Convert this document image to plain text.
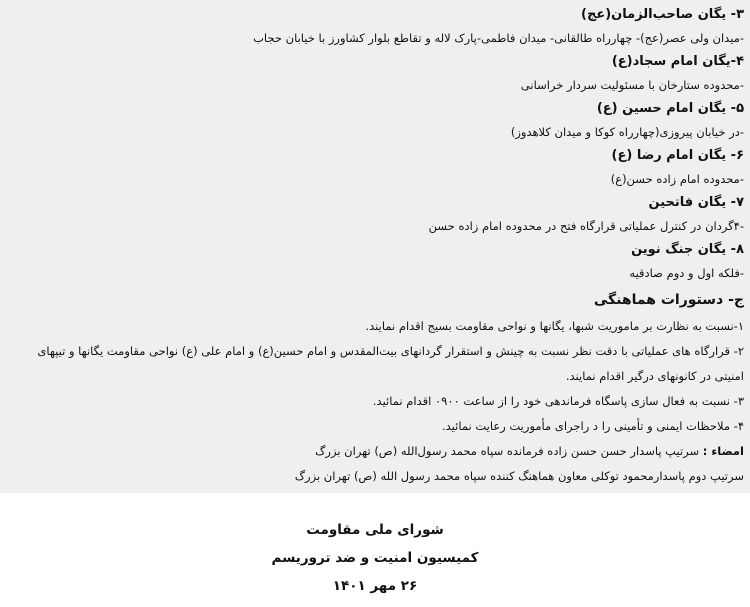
۳- یگان صاحب‌الزمان(عج)
-میدان ولی عصر(عج)- چهارراه طالقانی- میدان فاطمی-پارک لاله و تقاطع بلوار کشاورز با خیابان حجاب
۴-یگان امام سجاد(ع)
-محدوده ستارخان با مسئولیت سردار خراسانی
۵- یگان امام حسین (ع)
-در خیابان پیروزی(چهارراه کوکا و میدان کلاهدوز)
۶- یگان امام رضا (ع)
-محدوده امام زاده حسن(ع)
۷- یگان فاتحین
-۴گردان در کنترل عملیاتی قرارگاه فتح در محدوده امام زاده حسن
۸- یگان جنگ نوین
-فلکه اول و دوم صادقیه
ج- دستورات هماهنگی
۱-نسبت به نظارت بر ماموریت شبها، یگانها و نواحی مقاومت بسیج اقدام نمایند.
۲- قرارگاه های عملیاتی با دقت نظر نسبت به چینش و استقرار گردانهای بیت‌المقدس و امام حسین(ع) و امام علی (ع) نواحی مقاومت یگانها و تیپهای
امنیتی در کانونهای درگیر اقدام نمایند.
۳- نسبت به فعال سازی پاسگاه فرماندهی خود را از ساعت ۰۹۰۰ اقدام نمائید.
۴- ملاحظات ایمنی و تأمینی را د راجرای مأموریت رعایت نمائید.
امضاء : سرتیپ پاسدار حسن حسن زاده فرمانده سپاه محمد رسول‌الله (ص) تهران بزرگ
سرتیپ دوم پاسدارمحمود توکلی معاون هماهنگ کننده سپاه محمد رسول الله (ص) تهران بزرگ
شورای ملی مقاومت
کمیسیون امنیت و ضد تروریسم
۲۶ مهر ۱۴۰۱
